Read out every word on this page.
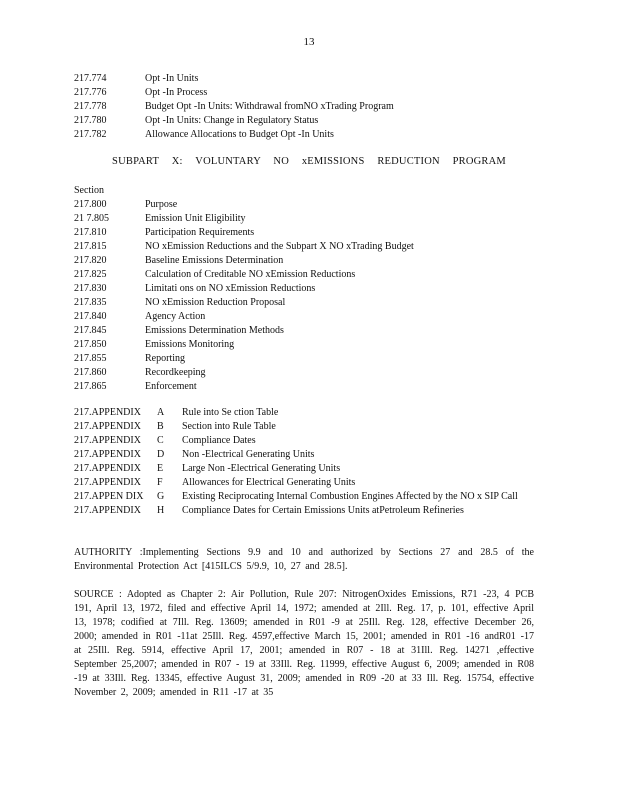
13
217.774	Opt -In Units
217.776	Opt -In Process
217.778	Budget Opt -In Units: Withdrawal fromNO xTrading Program
217.780	Opt -In Units: Change in Regulatory Status
217.782	Allowance Allocations to Budget Opt -In Units
SUBPART X: VOLUNTARY NO xEMISSIONS REDUCTION PROGRAM
Section
217.800	Purpose
21 7.805	Emission Unit Eligibility
217.810	Participation Requirements
217.815	NO xEmission Reductions and the Subpart X NO xTrading Budget
217.820	Baseline Emissions Determination
217.825	Calculation of Creditable NO xEmission Reductions
217.830	Limitati ons on NO xEmission Reductions
217.835	NO xEmission Reduction Proposal
217.840	Agency Action
217.845	Emissions Determination Methods
217.850	Emissions Monitoring
217.855	Reporting
217.860	Recordkeeping
217.865	Enforcement
217.APPENDIX	A	Rule into Se ction Table
217.APPENDIX	B	Section into Rule Table
217.APPENDIX	C	Compliance Dates
217.APPENDIX	D	Non -Electrical Generating Units
217.APPENDIX	E	Large Non -Electrical Generating Units
217.APPENDIX	F	Allowances for Electrical Generating Units
217.APPEN DIX	G	Existing Reciprocating Internal Combustion Engines Affected by the NO x SIP Call
217.APPENDIX	H	Compliance Dates for Certain Emissions Units atPetroleum Refineries
AUTHORITY :Implementing Sections 9.9 and 10 and authorized by Sections 27 and 28.5 of the Environmental Protection Act [415ILCS 5/9.9, 10, 27 and 28.5].
SOURCE : Adopted as Chapter 2: Air Pollution, Rule 207: NitrogenOxides Emissions, R71 -23, 4 PCB 191, April 13, 1972, filed and effective April 14, 1972; amended at 2Ill. Reg. 17, p. 101, effective April 13, 1978; codified at 7Ill. Reg. 13609; amended in R01 -9 at 25Ill. Reg. 128, effective December 26, 2000; amended in R01 -11at 25Ill. Reg. 4597,effective March 15, 2001; amended in R01 -16 andR01 -17 at 25Ill. Reg. 5914, effective April 17, 2001; amended in R07 - 18 at 31Ill. Reg. 14271 ,effective September 25,2007; amended in R07 - 19 at 33Ill. Reg. 11999, effective August 6, 2009; amended in R08 -19 at 33Ill. Reg. 13345, effective August 31, 2009; amended in R09 -20 at 33 Ill. Reg. 15754, effective November 2, 2009; amended in R11 -17 at 35
